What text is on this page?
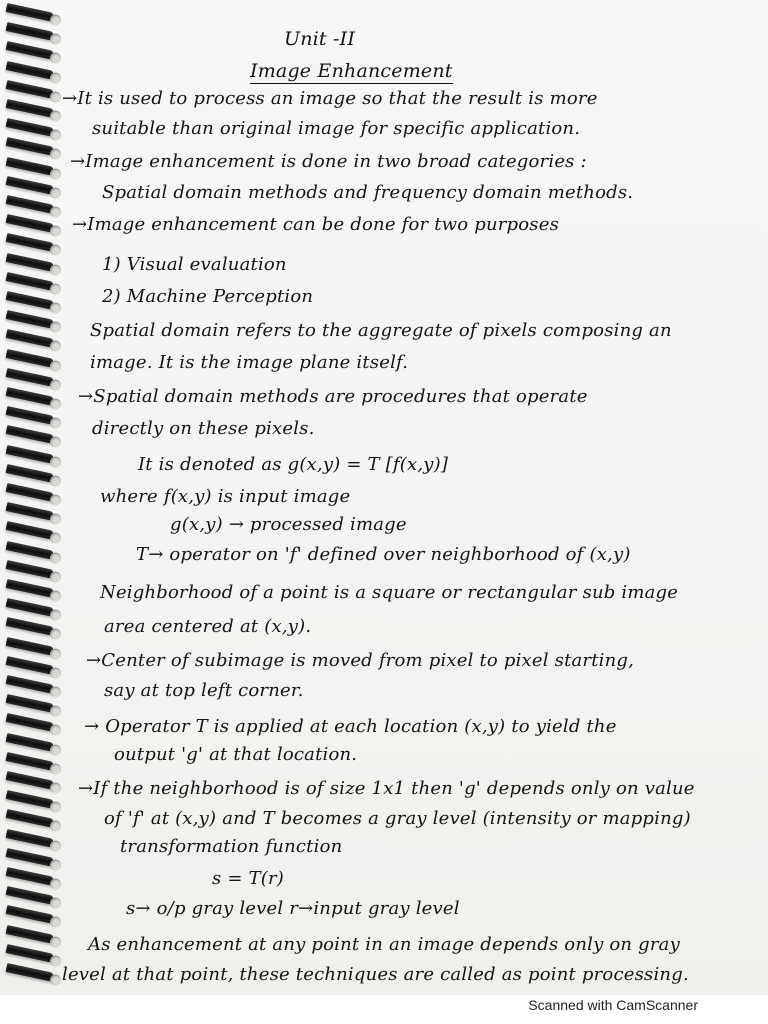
Unit -II
Image Enhancement
→It is used to process an image so that the result is more
suitable than original image for specific application.
→Image enhancement is done in two broad categories :
Spatial domain methods and frequency domain methods.
→Image enhancement can be done for two purposes
1) Visual evaluation
2) Machine Perception
Spatial domain refers to the aggregate of pixels composing an
image. It is the image plane itself.
→Spatial domain methods are procedures that operate
directly on these pixels.
It is denoted as g(x,y) = T [f(x,y)]
where f(x,y) is input image
g(x,y) → processed image
T→ operator on 'f' defined over neighborhood of (x,y)
Neighborhood of a point is a square or rectangular sub image
area centered at (x,y).
→Center of subimage is moved from pixel to pixel starting,
say at top left corner.
→ Operator T is applied at each location (x,y) to yield the
output 'g' at that location.
→If the neighborhood is of size 1x1 then 'g' depends only on value
of 'f' at (x,y) and T becomes a gray level (intensity or mapping)
transformation function
s = T(r)
s→ o/p gray level r→input gray level
As enhancement at any point in an image depends only on gray
level at that point, these techniques are called as point processing.
Scanned with CamScanner
